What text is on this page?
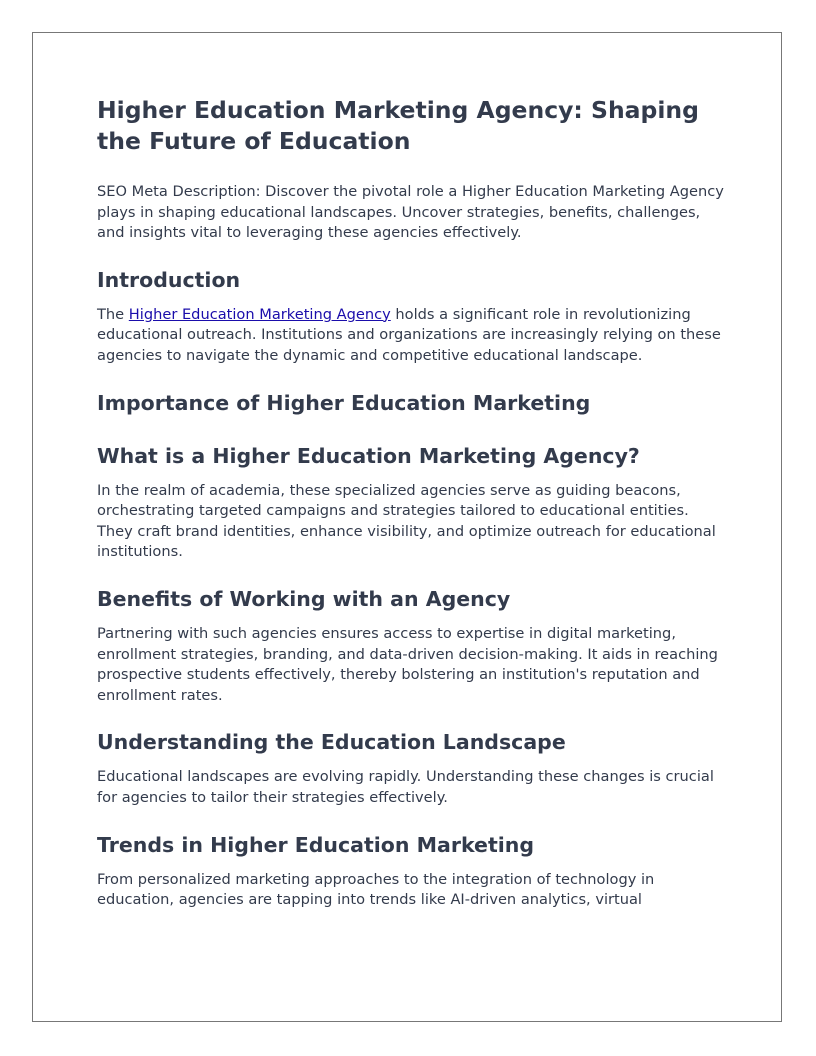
Higher Education Marketing Agency: Shaping the Future of Education

SEO Meta Description: Discover the pivotal role a Higher Education Marketing Agency plays in shaping educational landscapes. Uncover strategies, benefits, challenges, and insights vital to leveraging these agencies effectively.

Introduction

The Higher Education Marketing Agency holds a significant role in revolutionizing educational outreach. Institutions and organizations are increasingly relying on these agencies to navigate the dynamic and competitive educational landscape.

Importance of Higher Education Marketing
What is a Higher Education Marketing Agency?

In the realm of academia, these specialized agencies serve as guiding beacons, orchestrating targeted campaigns and strategies tailored to educational entities. They craft brand identities, enhance visibility, and optimize outreach for educational institutions.

Benefits of Working with an Agency

Partnering with such agencies ensures access to expertise in digital marketing, enrollment strategies, branding, and data-driven decision-making. It aids in reaching prospective students effectively, thereby bolstering an institution's reputation and enrollment rates.

Understanding the Education Landscape

Educational landscapes are evolving rapidly. Understanding these changes is crucial for agencies to tailor their strategies effectively.

Trends in Higher Education Marketing

From personalized marketing approaches to the integration of technology in education, agencies are tapping into trends like AI-driven analytics, virtual
